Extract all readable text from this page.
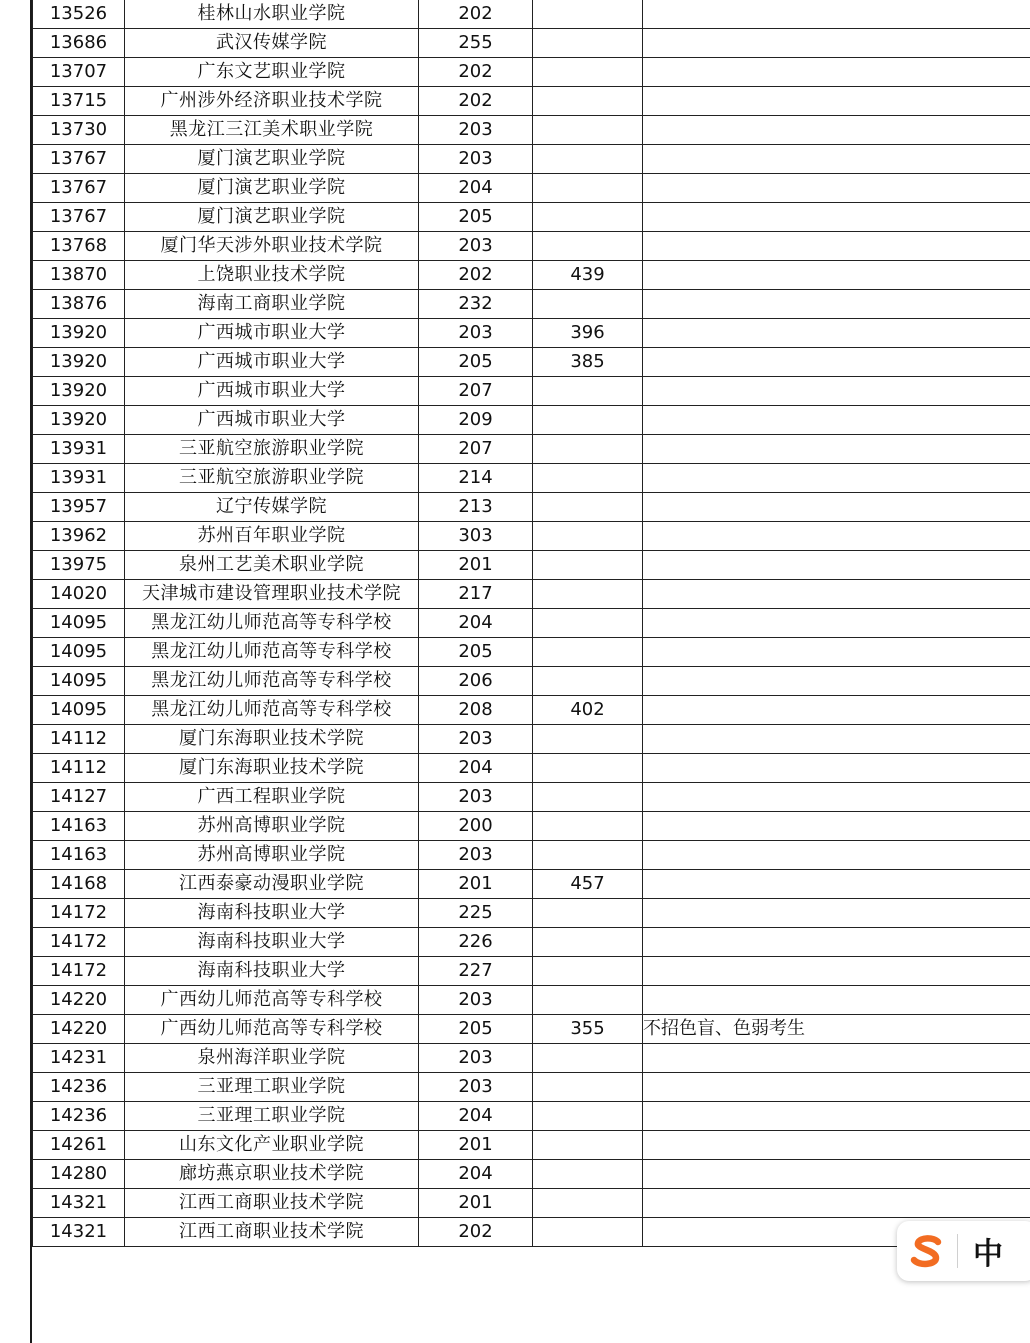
13526	桂林山水职业学院	202		
13686	武汉传媒学院	255		
13707	广东文艺职业学院	202		
13715	广州涉外经济职业技术学院	202		
13730	黑龙江三江美术职业学院	203		
13767	厦门演艺职业学院	203		
13767	厦门演艺职业学院	204		
13767	厦门演艺职业学院	205		
13768	厦门华天涉外职业技术学院	203		
13870	上饶职业技术学院	202	439	
13876	海南工商职业学院	232		
13920	广西城市职业大学	203	396	
13920	广西城市职业大学	205	385	
13920	广西城市职业大学	207		
13920	广西城市职业大学	209		
13931	三亚航空旅游职业学院	207		
13931	三亚航空旅游职业学院	214		
13957	辽宁传媒学院	213		
13962	苏州百年职业学院	303		
13975	泉州工艺美术职业学院	201		
14020	天津城市建设管理职业技术学院	217		
14095	黑龙江幼儿师范高等专科学校	204		
14095	黑龙江幼儿师范高等专科学校	205		
14095	黑龙江幼儿师范高等专科学校	206		
14095	黑龙江幼儿师范高等专科学校	208	402	
14112	厦门东海职业技术学院	203		
14112	厦门东海职业技术学院	204		
14127	广西工程职业学院	203		
14163	苏州高博职业学院	200		
14163	苏州高博职业学院	203		
14168	江西泰豪动漫职业学院	201	457	
14172	海南科技职业大学	225		
14172	海南科技职业大学	226		
14172	海南科技职业大学	227		
14220	广西幼儿师范高等专科学校	203		
14220	广西幼儿师范高等专科学校	205	355	不招色盲、色弱考生
14231	泉州海洋职业学院	203		
14236	三亚理工职业学院	203		
14236	三亚理工职业学院	204		
14261	山东文化产业职业学院	201		
14280	廊坊燕京职业技术学院	204		
14321	江西工商职业技术学院	201		
14321	江西工商职业技术学院	202		
中
